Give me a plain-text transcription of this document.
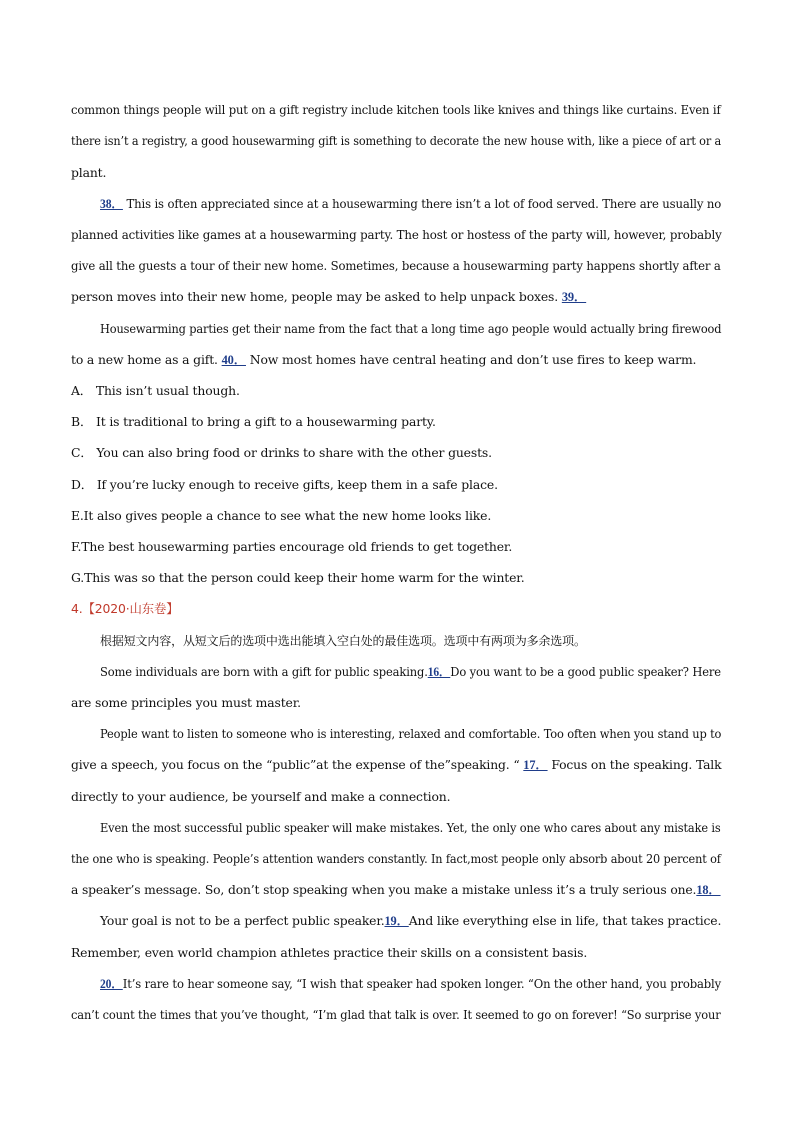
common things people will put on a gift registry include kitchen tools like knives and things like curtains. Even if
there isn’t a registry, a good housewarming gift is something to decorate the new house with, like a piece of art or a
plant.
38． This is often appreciated since at a housewarming there isn’t a lot of food served. There are usually no
planned activities like games at a housewarming party. The host or hostess of the party will, however, probably
give all the guests a tour of their new home. Sometimes, because a housewarming party happens shortly after a
person moves into their new home, people may be asked to help unpack boxes. 39．
Housewarming parties get their name from the fact that a long time ago people would actually bring firewood
to a new home as a gift. 40． Now most homes have central heating and don’t use fires to keep warm.
A． This isn’t usual though.
B． It is traditional to bring a gift to a housewarming party.
C． You can also bring food or drinks to share with the other guests.
D． If you’re lucky enough to receive gifts, keep them in a safe place.
E.It also gives people a chance to see what the new home looks like.
F.The best housewarming parties encourage old friends to get together.
G.This was so that the person could keep their home warm for the winter.
4.【2020·山东卷】
根据短文内容，从短文后的选项中选出能填入空白处的最佳选项。选项中有两项为多余选项。
Some individuals are born with a gift for public speaking.16．Do you want to be a good public speaker? Here
are some principles you must master.
People want to listen to someone who is interesting, relaxed and comfortable. Too often when you stand up to
give a speech, you focus on the “public”at the expense of the”speaking. “ 17． Focus on the speaking. Talk
directly to your audience, be yourself and make a connection.
Even the most successful public speaker will make mistakes. Yet, the only one who cares about any mistake is
the one who is speaking. People’s attention wanders constantly. In fact,most people only absorb about 20 percent of
a speaker’s message. So, don’t stop speaking when you make a mistake unless it’s a truly serious one.18．
Your goal is not to be a perfect public speaker.19．And like everything else in life, that takes practice.
Remember, even world champion athletes practice their skills on a consistent basis.
20．It’s rare to hear someone say, “I wish that speaker had spoken longer. “On the other hand, you probably
can’t count the times that you’ve thought, “I’m glad that talk is over. It seemed to go on forever! “So surprise your
